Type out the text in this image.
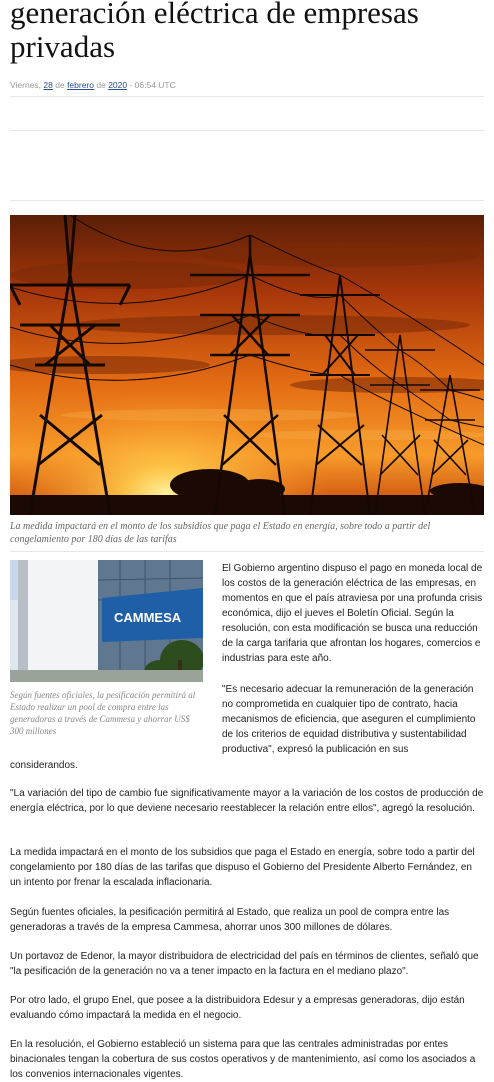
generación eléctrica de empresas privadas
Viernes, 28 de febrero de 2020 - 06:54 UTC
La medida impactará en el monto de los subsidios que paga el Estado en energía, sobre todo a partir del congelamiento por 180 días de las tarifas
CAMMESA
Según fuentes oficiales, la pesificación permitirá al Estado realizar un pool de compra entre las generadoras a través de Cammesa y ahorrar US$ 300 millones

El Gobierno argentino dispuso el pago en moneda local de los costos de la generación eléctrica de las empresas, en momentos en que el país atraviesa por una profunda crisis económica, dijo el jueves el Boletín Oficial. Según la resolución, con esta modificación se busca una reducción de la carga tarifaria que afrontan los hogares, comercios e industrias para este año.

"Es necesario adecuar la remuneración de la generación no comprometida en cualquier tipo de contrato, hacia mecanismos de eficiencia, que aseguren el cumplimiento de los criterios de equidad distributiva y sustentabilidad productiva", expresó la publicación en sus

considerandos.

"La variación del tipo de cambio fue significativamente mayor a la variación de los costos de producción de energía eléctrica, por lo que deviene necesario reestablecer la relación entre ellos", agregó la resolución.

La medida impactará en el monto de los subsidios que paga el Estado en energía, sobre todo a partir del congelamiento por 180 días de las tarifas que dispuso el Gobierno del Presidente Alberto Fernández, en un intento por frenar la escalada inflacionaria.

Según fuentes oficiales, la pesificación permitirá al Estado, que realiza un pool de compra entre las generadoras a través de la empresa Cammesa, ahorrar unos 300 millones de dólares.

Un portavoz de Edenor, la mayor distribuidora de electricidad del país en términos de clientes, señaló que "la pesificación de la generación no va a tener impacto en la factura en el mediano plazo".

Por otro lado, el grupo Enel, que posee a la distribuidora Edesur y a empresas generadoras, dijo están evaluando cómo impactará la medida en el negocio.

En la resolución, el Gobierno estableció un sistema para que las centrales administradas por entes binacionales tengan la cobertura de sus costos operativos y de mantenimiento, así como los asociados a los convenios internacionales vigentes.
